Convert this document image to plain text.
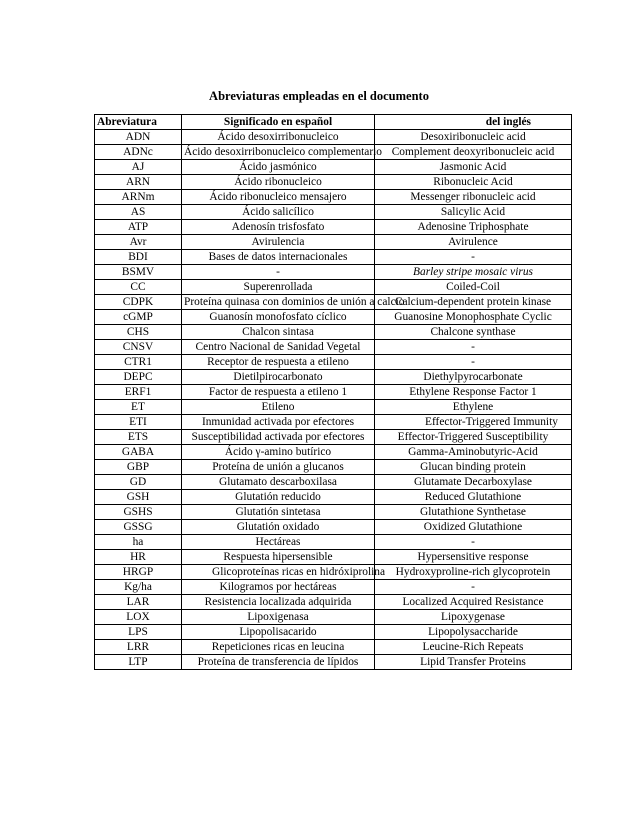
Abreviaturas empleadas en el documento
Abreviatura	Significado en español	del inglés
ADN	Ácido desoxirribonucleico	Desoxiribonucleic acid
ADNc	Ácido desoxirribonucleico complementario	Complement deoxyribonucleic acid
AJ	Ácido jasmónico	Jasmonic Acid
ARN	Ácido ribonucleico	Ribonucleic Acid
ARNm	Ácido ribonucleico mensajero	Messenger ribonucleic acid
AS	Ácido salicílico	Salicylic Acid
ATP	Adenosín trisfosfato	Adenosine Triphosphate
Avr	Avirulencia	Avirulence
BDI	Bases de datos internacionales	-
BSMV	-	Barley stripe mosaic virus
CC	Superenrollada	Coiled-Coil
CDPK	Proteína quinasa con dominios de unión a calcio	Calcium-dependent protein kinase
cGMP	Guanosín monofosfato cíclico	Guanosine Monophosphate Cyclic
CHS	Chalcon sintasa	Chalcone synthase
CNSV	Centro Nacional de Sanidad Vegetal	-
CTR1	Receptor de respuesta a etileno	-
DEPC	Dietilpirocarbonato	Diethylpyrocarbonate
ERF1	Factor de respuesta a etileno 1	Ethylene Response Factor 1
ET	Etileno	Ethylene
ETI	Inmunidad activada por efectores	Effector-Triggered Immunity
ETS	Susceptibilidad activada por efectores	Effector-Triggered Susceptibility
GABA	Ácido γ-amino butírico	Gamma-Aminobutyric-Acid
GBP	Proteína de unión a glucanos	Glucan binding protein
GD	Glutamato descarboxilasa	Glutamate Decarboxylase
GSH	Glutatión reducido	Reduced Glutathione
GSHS	Glutatión sintetasa	Glutathione Synthetase
GSSG	Glutatión oxidado	Oxidized Glutathione
ha	Hectáreas	-
HR	Respuesta hipersensible	Hypersensitive response
HRGP	Glicoproteínas ricas en hidróxiprolina	Hydroxyproline-rich glycoprotein
Kg/ha	Kilogramos por hectáreas	-
LAR	Resistencia localizada adquirida	Localized Acquired Resistance
LOX	Lipoxigenasa	Lipoxygenase
LPS	Lipopolisacarido	Lipopolysaccharide
LRR	Repeticiones ricas en leucina	Leucine-Rich Repeats
LTP	Proteína de transferencia de lípidos	Lipid Transfer Proteins
